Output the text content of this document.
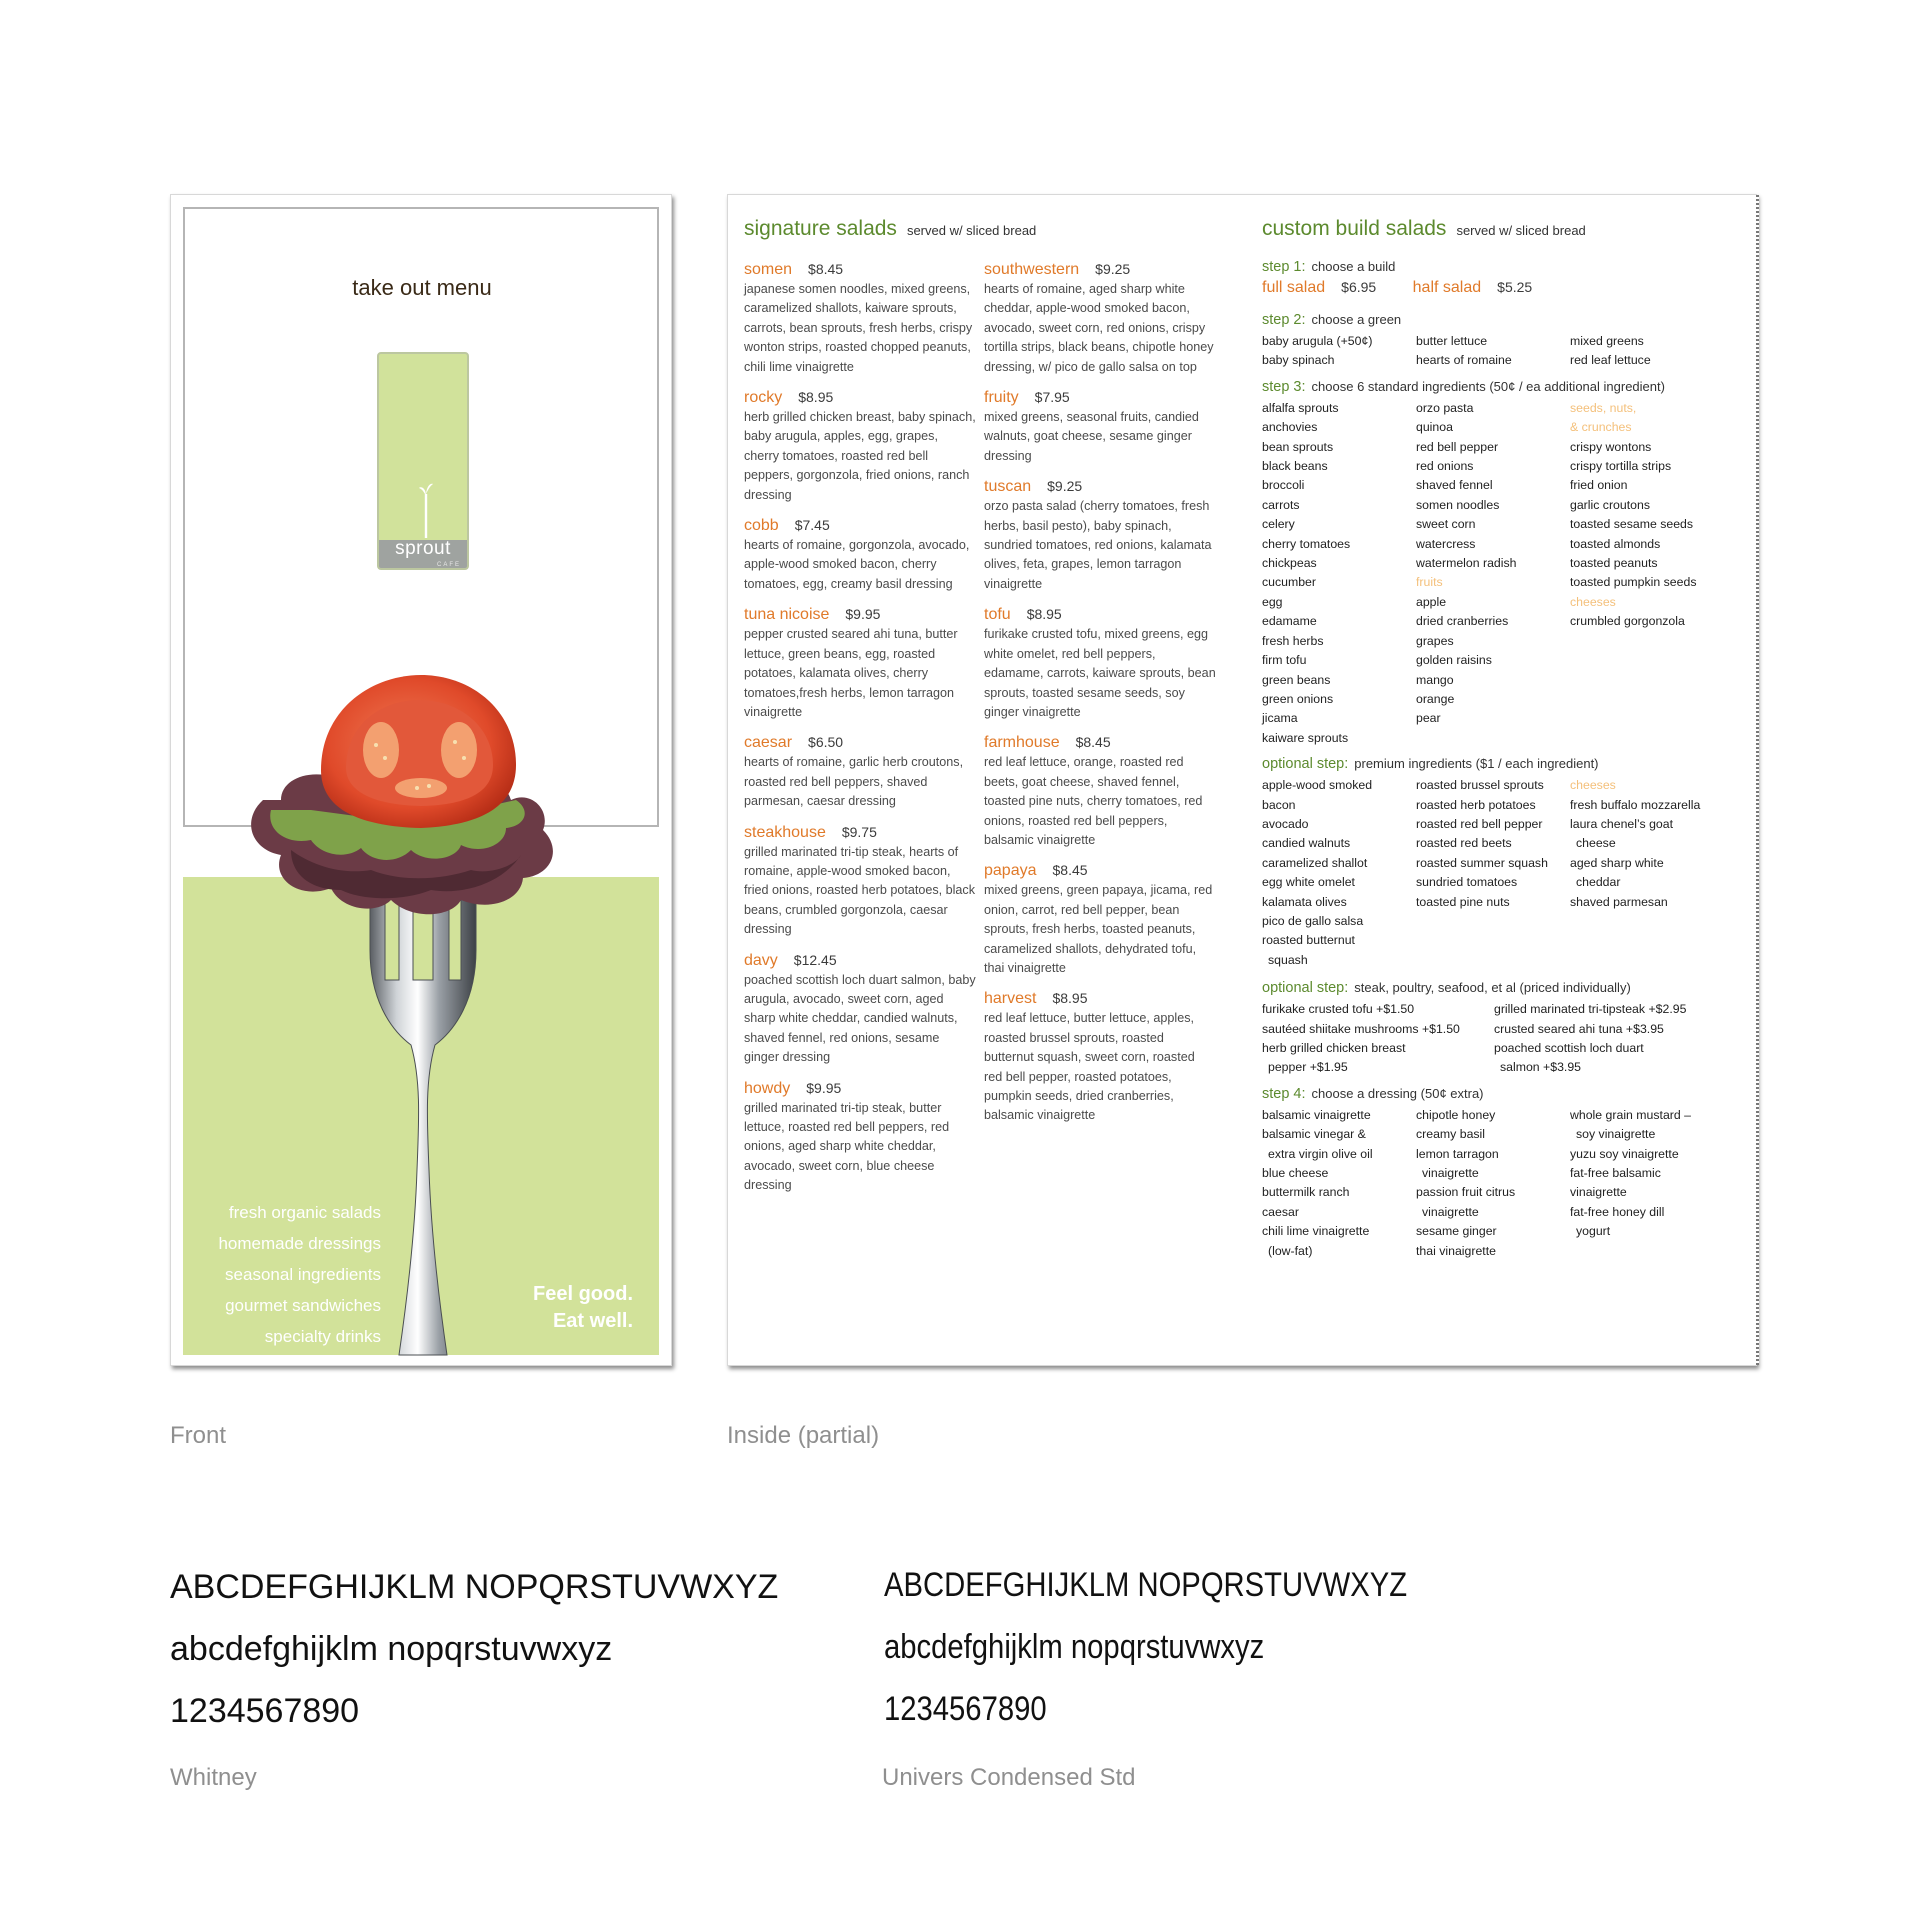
take out menu
sprout
CAFE
fresh organic salads
homemade dressings
seasonal ingredients
gourmet sandwiches
specialty drinks
Feel good.
Eat well.
signature salads served w/ sliced bread
somen $8.45
japanese somen noodles, mixed greens, caramelized shallots, kaiware sprouts, carrots, bean sprouts, fresh herbs, crispy wonton strips, roasted chopped peanuts, chili lime vinaigrette
rocky $8.95
herb grilled chicken breast, baby spinach, baby arugula, apples, egg, grapes, cherry tomatoes, roasted red bell peppers, gorgonzola, fried onions, ranch dressing
cobb $7.45
hearts of romaine, gorgonzola, avocado, apple-wood smoked bacon, cherry tomatoes, egg, creamy basil dressing
tuna nicoise $9.95
pepper crusted seared ahi tuna, butter lettuce, green beans, egg, roasted potatoes, kalamata olives, cherry tomatoes,fresh herbs, lemon tarragon vinaigrette
caesar $6.50
hearts of romaine, garlic herb croutons, roasted red bell peppers, shaved parmesan, caesar dressing
steakhouse $9.75
grilled marinated tri-tip steak, hearts of romaine, apple-wood smoked bacon, fried onions, roasted herb potatoes, black beans, crumbled gorgonzola, caesar dressing
davy $12.45
poached scottish loch duart salmon, baby arugula, avocado, sweet corn, aged sharp white cheddar, candied walnuts, shaved fennel, red onions, sesame ginger dressing
howdy $9.95
grilled marinated tri-tip steak, butter lettuce, roasted red bell peppers, red onions, aged sharp white cheddar, avocado, sweet corn, blue cheese dressing
southwestern $9.25
hearts of romaine, aged sharp white cheddar, apple-wood smoked bacon, avocado, sweet corn, red onions, crispy tortilla strips, black beans, chipotle honey dressing, w/ pico de gallo salsa on top
fruity $7.95
mixed greens, seasonal fruits, candied walnuts, goat cheese, sesame ginger dressing
tuscan $9.25
orzo pasta salad (cherry tomatoes, fresh herbs, basil pesto), baby spinach, sundried tomatoes, red onions, kalamata olives, feta, grapes, lemon tarragon vinaigrette
tofu $8.95
furikake crusted tofu, mixed greens, egg white omelet, red bell peppers, edamame, carrots, kaiware sprouts, bean sprouts, toasted sesame seeds, soy ginger vinaigrette
farmhouse $8.45
red leaf lettuce, orange, roasted red beets, goat cheese, shaved fennel, toasted pine nuts, cherry tomatoes, red onions, roasted red bell peppers, balsamic vinaigrette
papaya $8.45
mixed greens, green papaya, jicama, red onion, carrot, red bell pepper, bean sprouts, fresh herbs, toasted peanuts, caramelized shallots, dehydrated tofu, thai vinaigrette
harvest $8.95
red leaf lettuce, butter lettuce, apples, roasted brussel sprouts, roasted butternut squash, sweet corn, roasted red bell pepper, roasted potatoes, pumpkin seeds, dried cranberries, balsamic vinaigrette
custom build salads served w/ sliced bread
step 1: choose a build
full salad $6.95 half salad $5.25
step 2: choose a green
baby arugula (+50¢)
baby spinach
butter lettuce
hearts of romaine
mixed greens
red leaf lettuce
step 3: choose 6 standard ingredients (50¢ / ea additional ingredient)
alfalfa sprouts
anchovies
bean sprouts
black beans
broccoli
carrots
celery
cherry tomatoes
chickpeas
cucumber
egg
edamame
fresh herbs
firm tofu
green beans
green onions
jicama
kaiware sprouts
orzo pasta
quinoa
red bell pepper
red onions
shaved fennel
somen noodles
sweet corn
watercress
watermelon radish
fruits
apple
dried cranberries
grapes
golden raisins
mango
orange
pear
seeds, nuts,
& crunches
crispy wontons
crispy tortilla strips
fried onion
garlic croutons
toasted sesame seeds
toasted almonds
toasted peanuts
toasted pumpkin seeds
cheeses
crumbled gorgonzola
optional step: premium ingredients ($1 / each ingredient)
apple-wood smoked
bacon
avocado
candied walnuts
caramelized shallot
egg white omelet
kalamata olives
pico de gallo salsa
roasted butternut
squash
roasted brussel sprouts
roasted herb potatoes
roasted red bell pepper
roasted red beets
roasted summer squash
sundried tomatoes
toasted pine nuts
cheeses
fresh buffalo mozzarella
laura chenel’s goat
cheese
aged sharp white
cheddar
shaved parmesan
optional step: steak, poultry, seafood, et al (priced individually)
furikake crusted tofu +$1.50
sautéed shiitake mushrooms +$1.50
herb grilled chicken breast
pepper +$1.95
grilled marinated tri-tipsteak +$2.95
crusted seared ahi tuna +$3.95
poached scottish loch duart
salmon +$3.95
step 4: choose a dressing (50¢ extra)
balsamic vinaigrette
balsamic vinegar &
extra virgin olive oil
blue cheese
buttermilk ranch
caesar
chili lime vinaigrette
(low-fat)
chipotle honey
creamy basil
lemon tarragon
vinaigrette
passion fruit citrus
vinaigrette
sesame ginger
thai vinaigrette
whole grain mustard –
soy vinaigrette
yuzu soy vinaigrette
fat-free balsamic
vinaigrette
fat-free honey dill
yogurt
Front	Inside (partial)
ABCDEFGHIJKLM NOPQRSTUVWXYZ
abcdefghijklm nopqrstuvwxyz
1234567890
Whitney
ABCDEFGHIJKLM NOPQRSTUVWXYZ
abcdefghijklm nopqrstuvwxyz
1234567890
Univers Condensed Std
